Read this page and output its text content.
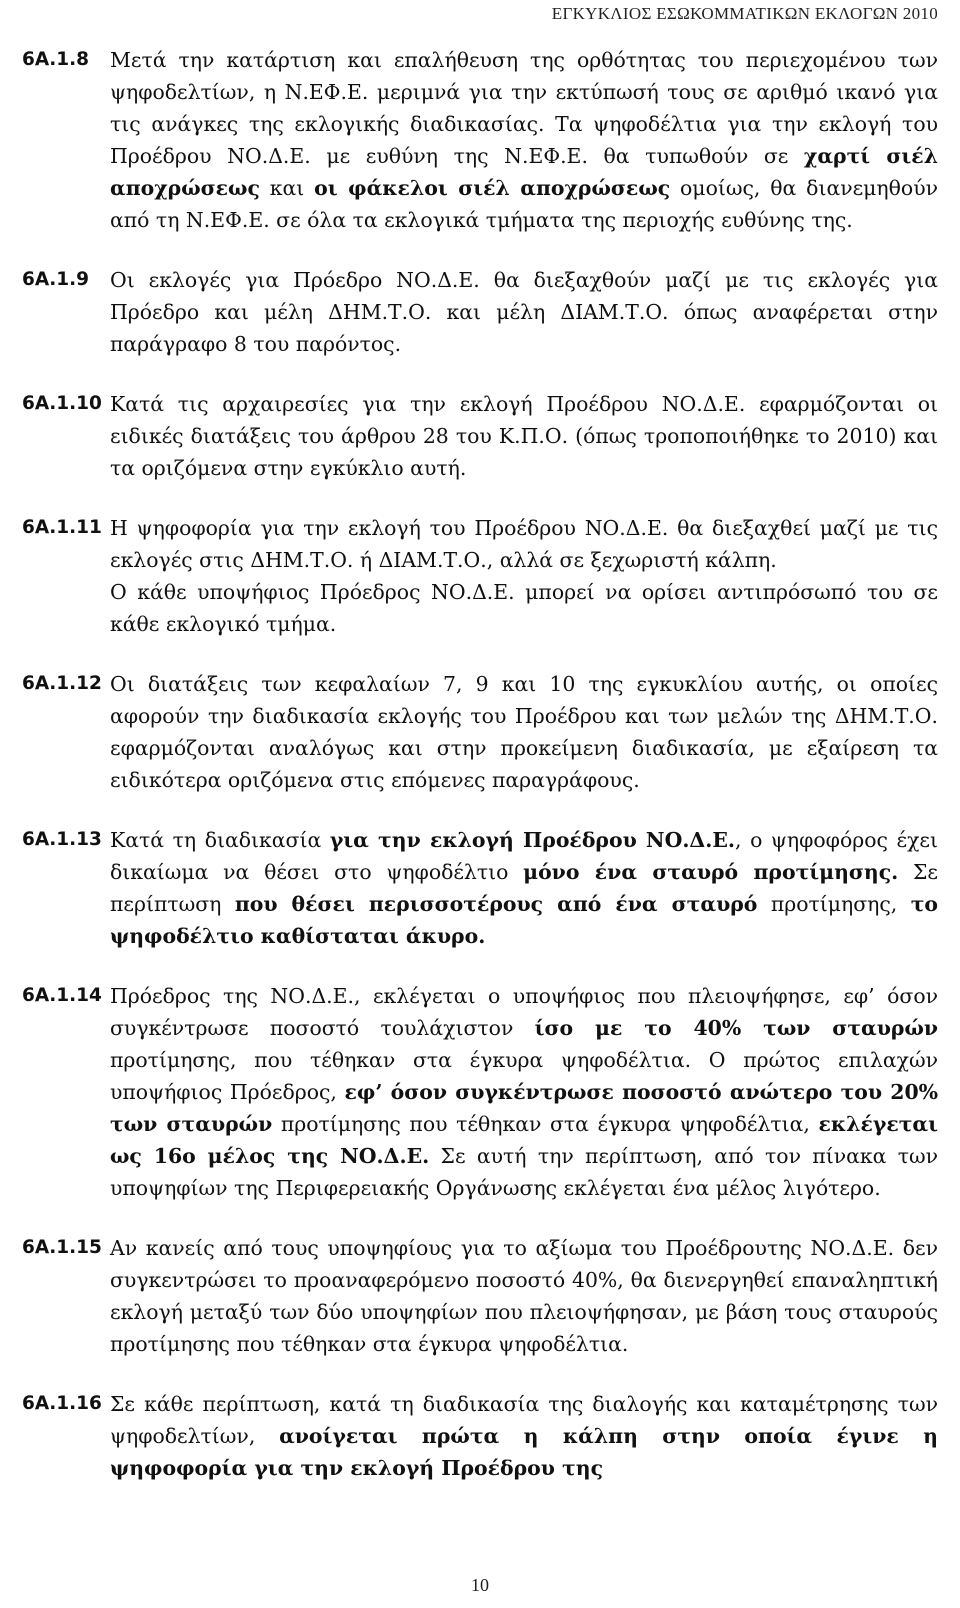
ΕΓΚΥΚΛΙΟΣ ΕΣΩΚΟΜΜΑΤΙΚΩΝ ΕΚΛΟΓΩΝ 2010
6Α.1.8	Μετά την κατάρτιση και επαλήθευση της ορθότητας του περιεχομένου των ψηφοδελτίων, η Ν.ΕΦ.Ε. μεριμνά για την εκτύπωσή τους σε αριθμό ικανό για τις ανάγκες της εκλογικής διαδικασίας. Τα ψηφοδέλτια για την εκλογή του Προέδρου ΝΟ.Δ.Ε. με ευθύνη της Ν.ΕΦ.Ε. θα τυπωθούν σε χαρτί σιέλ αποχρώσεως και οι φάκελοι σιέλ αποχρώσεως ομοίως, θα διανεμηθούν από τη Ν.ΕΦ.Ε. σε όλα τα εκλογικά τμήματα της περιοχής ευθύνης της.

6Α.1.9	Οι εκλογές για Πρόεδρο ΝΟ.Δ.Ε. θα διεξαχθούν μαζί με τις εκλογές για Πρόεδρο και μέλη ΔΗΜ.Τ.Ο. και μέλη ΔΙΑΜ.Τ.Ο. όπως αναφέρεται στην παράγραφο 8 του παρόντος.

6Α.1.10 Κατά τις αρχαιρεσίες για την εκλογή Προέδρου ΝΟ.Δ.Ε. εφαρμόζονται οι ειδικές διατάξεις του άρθρου 28 του Κ.Π.Ο. (όπως τροποποιήθηκε το 2010) και τα οριζόμενα στην εγκύκλιο αυτή.

6Α.1.11 Η ψηφοφορία για την εκλογή του Προέδρου ΝΟ.Δ.Ε. θα διεξαχθεί μαζί με τις εκλογές στις ΔΗΜ.Τ.Ο. ή ΔΙΑΜ.Τ.Ο., αλλά σε ξεχωριστή κάλπη.

Ο κάθε υποψήφιος Πρόεδρος ΝΟ.Δ.Ε. μπορεί να ορίσει αντιπρόσωπό του σε κάθε εκλογικό τμήμα.

6Α.1.12 Οι διατάξεις των κεφαλαίων 7, 9 και 10 της εγκυκλίου αυτής, οι οποίες αφορούν την διαδικασία εκλογής του Προέδρου και των μελών της ΔΗΜ.Τ.Ο. εφαρμόζονται αναλόγως και στην προκείμενη διαδικασία, με εξαίρεση τα ειδικότερα οριζόμενα στις επόμενες παραγράφους.

6Α.1.13 Κατά τη διαδικασία για την εκλογή Προέδρου ΝΟ.Δ.Ε., ο ψηφοφόρος έχει δικαίωμα να θέσει στο ψηφοδέλτιο μόνο ένα σταυρό προτίμησης. Σε περίπτωση που θέσει περισσοτέρους από ένα σταυρό προτίμησης, το ψηφοδέλτιο καθίσταται άκυρο.

6Α.1.14 Πρόεδρος της ΝΟ.Δ.Ε., εκλέγεται ο υποψήφιος που πλειοψήφησε, εφ’ όσον συγκέντρωσε ποσοστό τουλάχιστον ίσο με το 40% των σταυρών προτίμησης, που τέθηκαν στα έγκυρα ψηφοδέλτια. Ο πρώτος επιλαχών υποψήφιος Πρόεδρος, εφ’ όσον συγκέντρωσε ποσοστό ανώτερο του 20% των σταυρών προτίμησης που τέθηκαν στα έγκυρα ψηφοδέλτια, εκλέγεται ως 16ο μέλος της ΝΟ.Δ.Ε. Σε αυτή την περίπτωση, από τον πίνακα των υποψηφίων της Περιφερειακής Οργάνωσης εκλέγεται ένα μέλος λιγότερο.

6Α.1.15 Αν κανείς από τους υποψηφίους για το αξίωμα του Προέδρουτης ΝΟ.Δ.Ε. δεν συγκεντρώσει το προαναφερόμενο ποσοστό 40%, θα διενεργηθεί επαναληπτική εκλογή μεταξύ των δύο υποψηφίων που πλειοψήφησαν, με βάση τους σταυρούς προτίμησης που τέθηκαν στα έγκυρα ψηφοδέλτια.

6Α.1.16 Σε κάθε περίπτωση, κατά τη διαδικασία της διαλογής και καταμέτρησης των ψηφοδελτίων, ανοίγεται πρώτα η κάλπη στην οποία έγινε η ψηφοφορία για την εκλογή Προέδρου της

10
